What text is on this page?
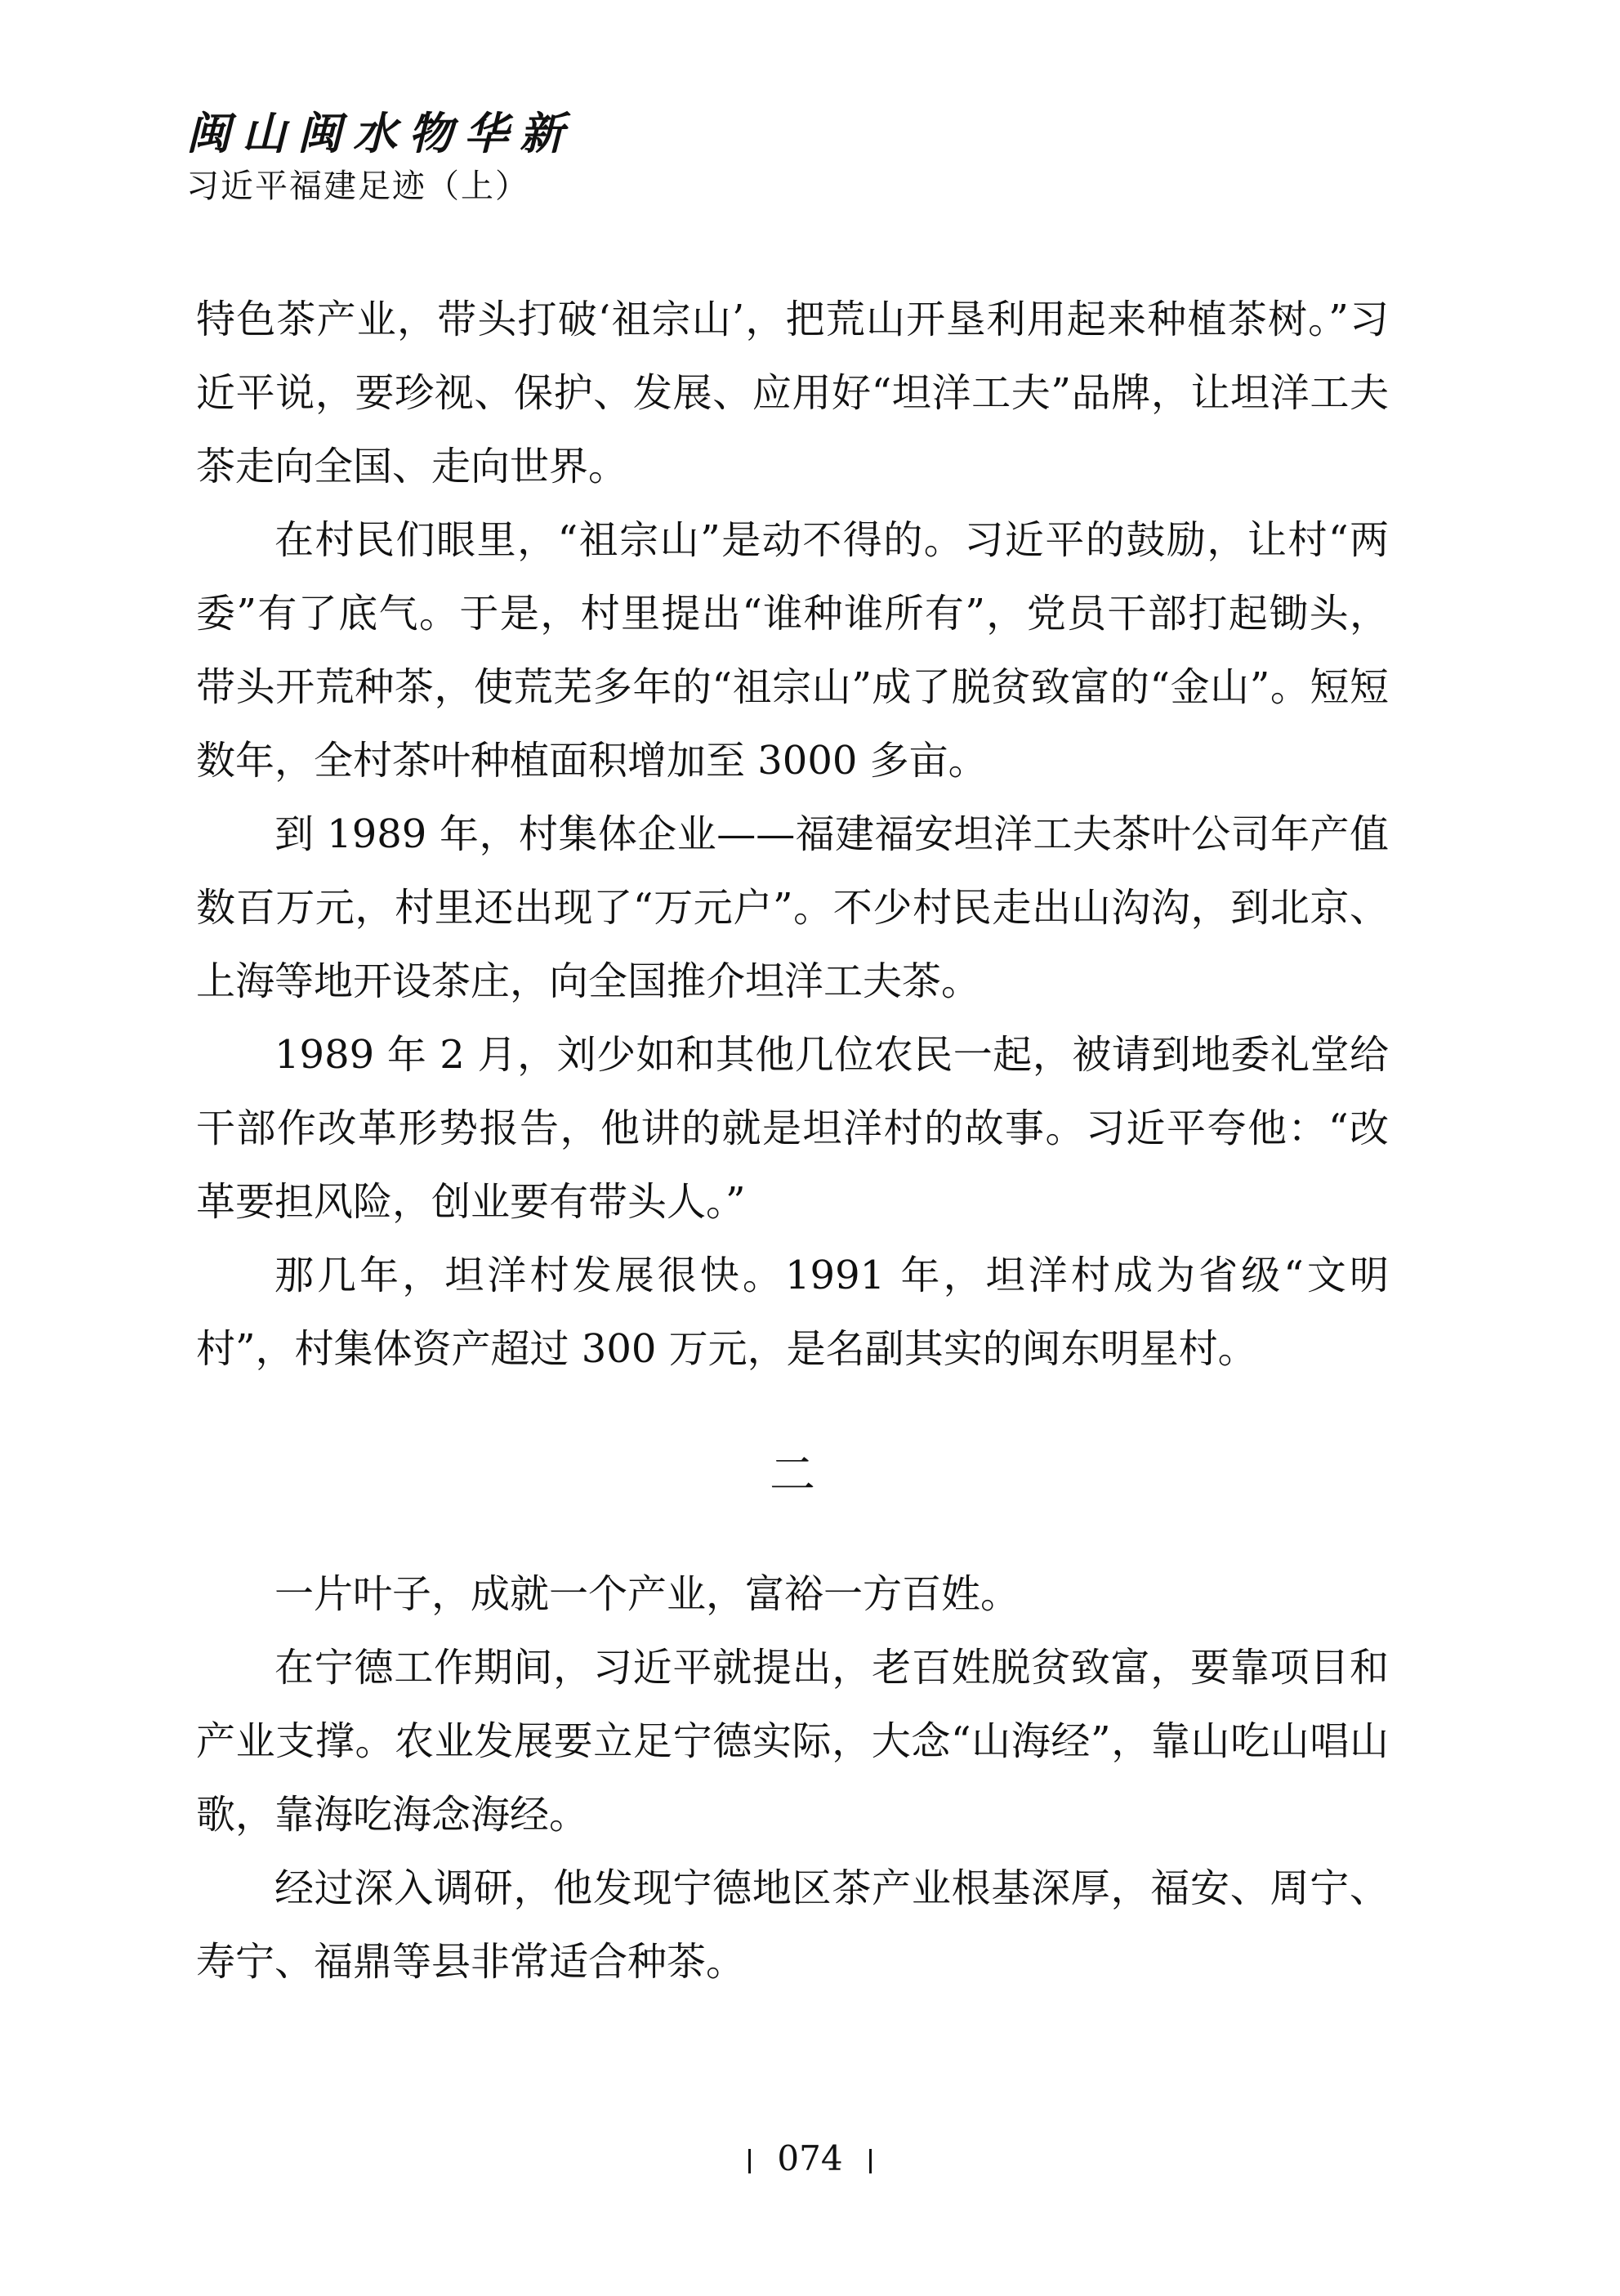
闽山闽水物华新
习近平福建足迹（上）

特色茶产业，带头打破‘祖宗山’，把荒山开垦利用起来种植茶树。”习近平说，要珍视、保护、发展、应用好“坦洋工夫”品牌，让坦洋工夫茶走向全国、走向世界。

在村民们眼里，“祖宗山”是动不得的。习近平的鼓励，让村“两委”有了底气。于是，村里提出“谁种谁所有”，党员干部打起锄头，带头开荒种茶，使荒芜多年的“祖宗山”成了脱贫致富的“金山”。短短数年，全村茶叶种植面积增加至 3000 多亩。

到 1989 年，村集体企业——福建福安坦洋工夫茶叶公司年产值数百万元，村里还出现了“万元户”。不少村民走出山沟沟，到北京、上海等地开设茶庄，向全国推介坦洋工夫茶。

1989 年 2 月，刘少如和其他几位农民一起，被请到地委礼堂给干部作改革形势报告，他讲的就是坦洋村的故事。习近平夸他：“改革要担风险，创业要有带头人。”

那几年，坦洋村发展很快。1991 年，坦洋村成为省级“文明村”，村集体资产超过 300 万元，是名副其实的闽东明星村。

二

一片叶子，成就一个产业，富裕一方百姓。

在宁德工作期间，习近平就提出，老百姓脱贫致富，要靠项目和产业支撑。农业发展要立足宁德实际，大念“山海经”，靠山吃山唱山歌，靠海吃海念海经。

经过深入调研，他发现宁德地区茶产业根基深厚，福安、周宁、寿宁、福鼎等县非常适合种茶。

074
